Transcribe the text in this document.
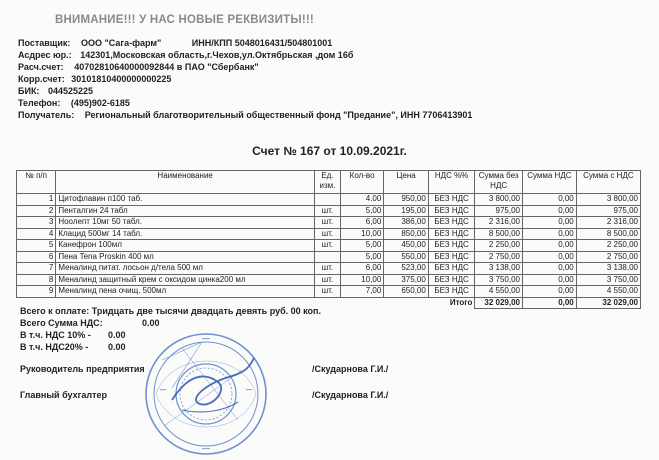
ВНИМАНИЕ!!! У НАС НОВЫЕ РЕКВИЗИТЫ!!!
Поставщик: ООО "Сага-фарм"	ИНН/КПП 5048016431/504801001
Асдрес юр.: 142301,Московская область,г.Чехов,ул.Октябрьская ,дом 16б
Расч.счет: 40702810640000092844 в ПАО "Сбербанк"
Корр.счет: 30101810400000000225
БИК: 044525225
Телефон: (495)902-6185
Получатель: Региональный благотворительный общественный фонд "Предание", ИНН 7706413901
Счет № 167 от 10.09.2021г.
№ п/п	Наименование	Ед. изм.	Кол-во	Цена	НДС %%	Сумма без НДС	Сумма НДС	Сумма с НДС
1	Цитофлавин п100 таб.		4.00	950,00	БЕЗ НДС	3 800,00	0,00	3 800,00
2	Пенталгин 24 табл	шт.	5,00	195,00	БЕЗ НДС	975,00	0,00	975,00
3	Ноолепт 10мг 50 табл.	шт.	6,00	386,00	БЕЗ НДС	2 316,00	0,00	2 316,00
4	Клацид 500мг 14 табл.	шт.	10,00	850,00	БЕЗ НДС	8 500,00	0,00	8 500,00
5	Канефрон 100мл	шт.	5,00	450,00	БЕЗ НДС	2 250,00	0,00	2 250,00
6	Пена Tena Proskin 400 мл		5,00	550,00	БЕЗ НДС	2 750,00	0,00	2 750,00
7	Меналинд питат. лосьон д/тела 500 мл	шт.	6,00	523,00	БЕЗ НДС	3 138,00	0,00	3 138,00
8	Меналинд защитный крем с оксидом цинка200 мл	шт.	10,00	375,00	БЕЗ НДС	3 750,00	0,00	3 750,00
9	Меналинд пена очищ. 500мл	шт.	7,00	650,00	БЕЗ НДС	4 550,00	0,00	4 550,00
Итого						32 029,00	0,00	32 029,00
Всего к оплате: Тридцать две тысячи двадцать девять руб. 00 коп.
Всего Сумма НДС:	0.00
В т.ч. НДС 10% - 0.00
В т.ч. НДС20% - 0.00
Руководитель предприятия	/Скударнова Г.И./
Главный бухгалтер	/Скударнова Г.И./
